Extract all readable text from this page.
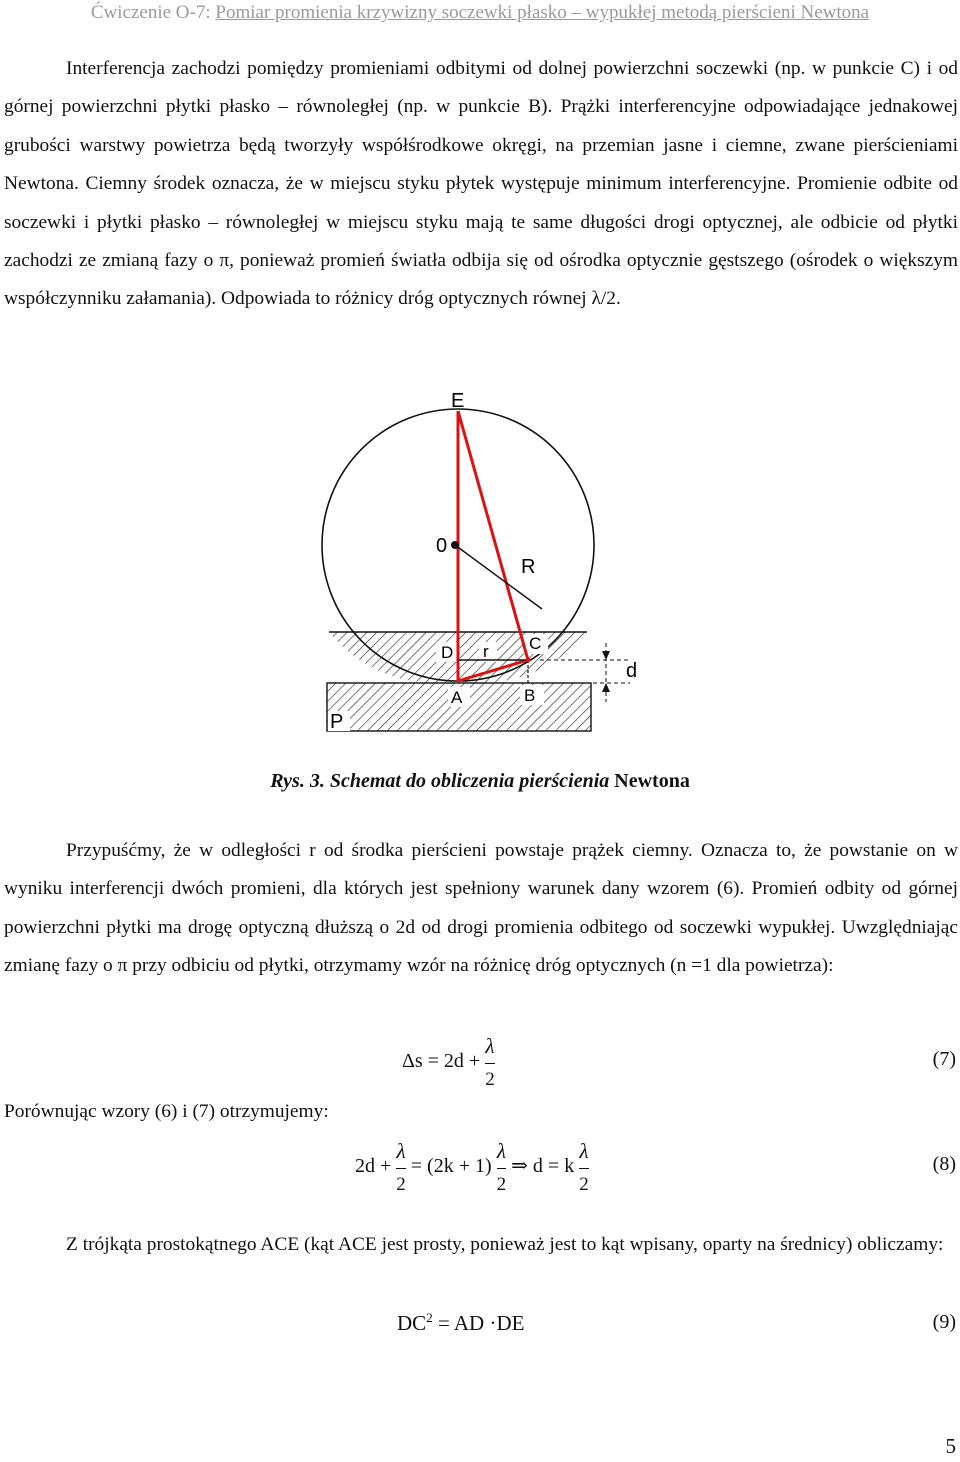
Ćwiczenie O-7: Pomiar promienia krzywizny soczewki płasko – wypukłej metodą pierścieni Newtona

Interferencja zachodzi pomiędzy promieniami odbitymi od dolnej powierzchni soczewki (np. w punkcie C) i od górnej powierzchni płytki płasko – równoległej (np. w punkcie B). Prążki interferencyjne odpowiadające jednakowej grubości warstwy powietrza będą tworzyły współśrodkowe okręgi, na przemian jasne i ciemne, zwane pierścieniami Newtona. Ciemny środek oznacza, że w miejscu styku płytek występuje minimum interferencyjne. Promienie odbite od soczewki i płytki płasko – równoległej w miejscu styku mają te same długości drogi optycznej, ale odbicie od płytki zachodzi ze zmianą fazy o π, ponieważ promień światła odbija się od ośrodka optycznie gęstszego (ośrodek o większym współczynniku załamania). Odpowiada to różnicy dróg optycznych równej λ/2.

E
0
R
D r C
d
A	B
P
Rys. 3. Schemat do obliczenia pierścienia Newtona

Przypuśćmy, że w odległości r od środka pierścieni powstaje prążek ciemny. Oznacza to, że powstanie on w wyniku interferencji dwóch promieni, dla których jest spełniony warunek dany wzorem (6). Promień odbity od górnej powierzchni płytki ma drogę optyczną dłuższą o 2d od drogi promienia odbitego od soczewki wypukłej. Uwzględniając zmianę fazy o π przy odbiciu od płytki, otrzymamy wzór na różnicę dróg optycznych (n =1 dla powietrza):

$\Delta s = 2d + \frac{\lambda}{2}$	(7)

Porównując wzory (6) i (7) otrzymujemy:

$2d + \frac{\lambda}{2} = (2k + 1) \frac{\lambda}{2}$ ⇒ d = k $\frac{\lambda}{2}$	(8)

Z trójkąta prostokątnego ACE (kąt ACE jest prosty, ponieważ jest to kąt wpisany, oparty na średnicy) obliczamy:

$DC^2$ = AD ·DE	(9)
5
